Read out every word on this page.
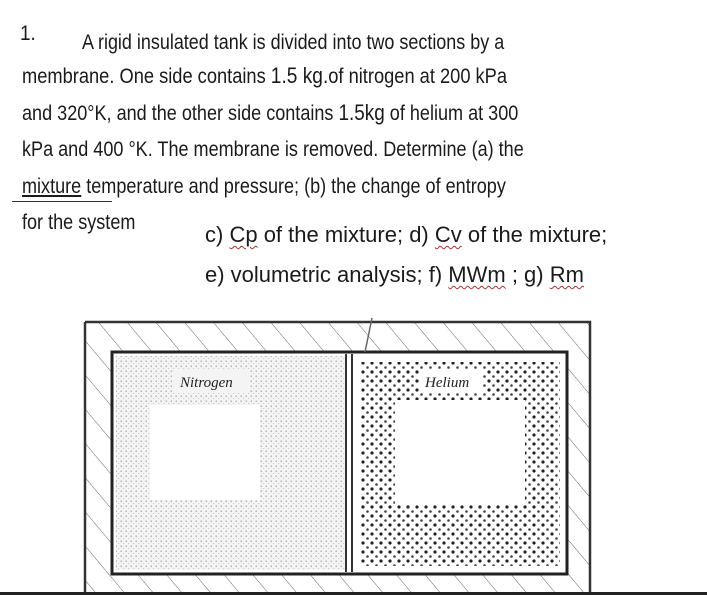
1. A rigid insulated tank is divided into two sections by a
membrane. One side contains 1.5 kg.of nitrogen at 200 kPa
and 320°K, and the other side contains 1.5kg of helium at 300
kPa and 400 °K. The membrane is removed. Determine (a) the
mixture temperature and pressure; (b) the change of entropy
for the system	c) Cp of the mixture; d) Cv of the mixture;
e) volumetric analysis; f) MWm ; g) Rm
Nitrogen	Helium
